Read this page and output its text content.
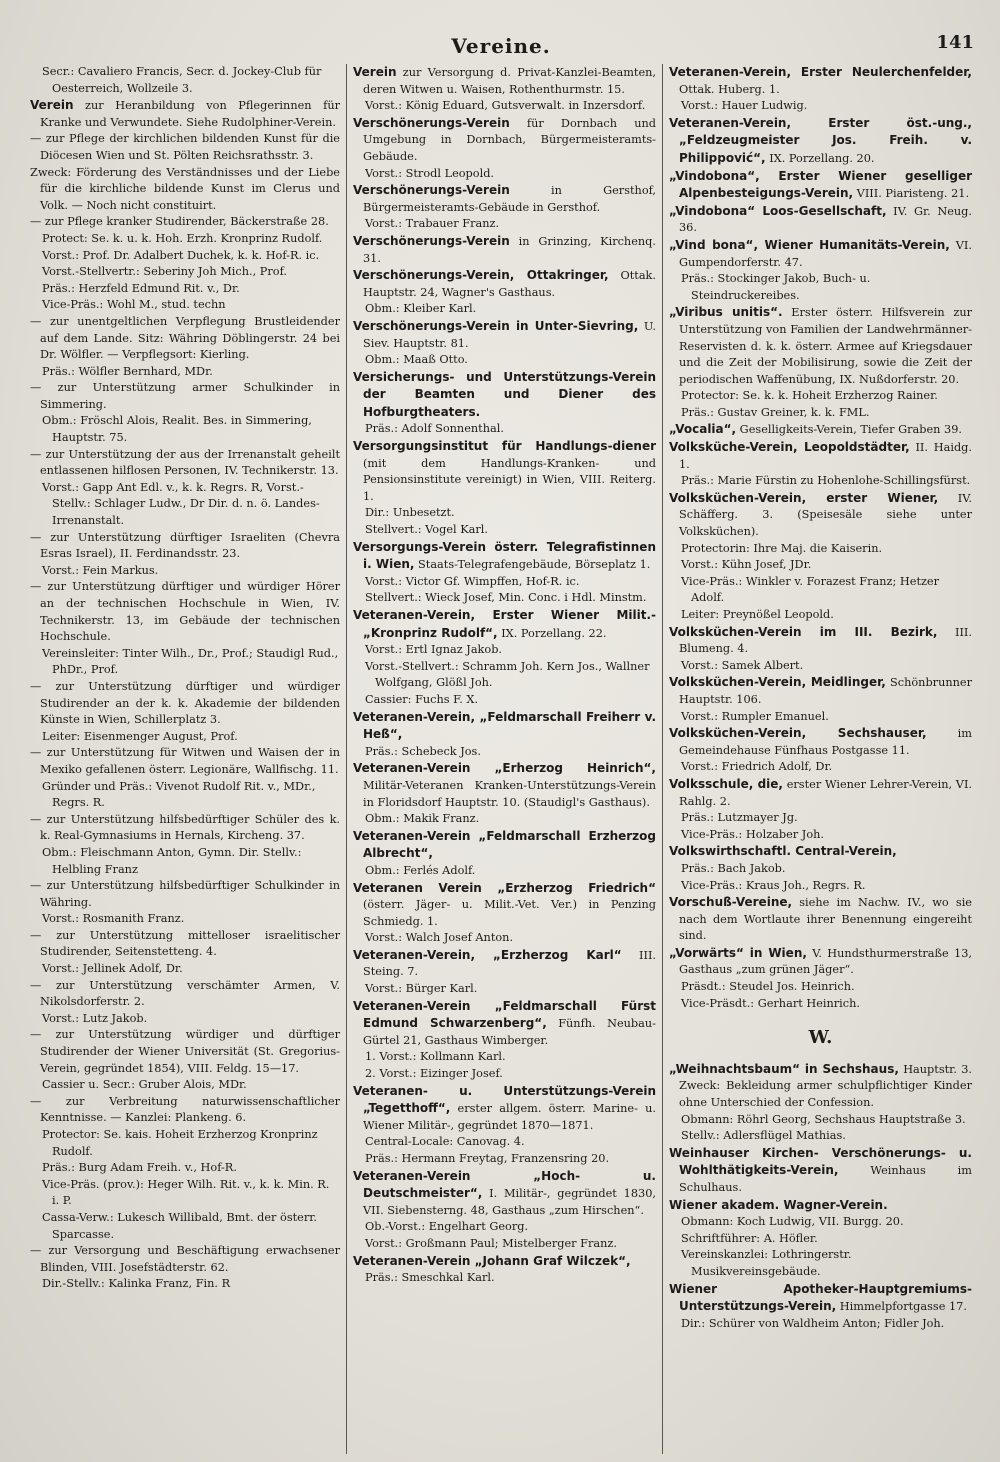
Vereine.	141

Secr.: Cavaliero Francis, Secr. d. Jockey-Club für Oesterreich, Wollzeile 3.

Verein zur Heranbildung von Pflegerinnen für Kranke und Verwundete. Siehe Rudolphiner-Verein.

— zur Pflege der kirchlichen bildenden Kunst für die Diöcesen Wien und St. Pölten Reichsrathsstr. 3.

Zweck: Förderung des Verständnisses und der Liebe für die kirchliche bildende Kunst im Clerus und Volk. — Noch nicht constituirt.

— zur Pflege kranker Studirender, Bäckerstraße 28.

Protect: Se. k. u. k. Hoh. Erzh. Kronprinz Rudolf.

Vorst.: Prof. Dr. Adalbert Duchek, k. k. Hof-R. ic.

Vorst.-Stellvertr.: Seberiny Joh Mich., Prof.

Präs.: Herzfeld Edmund Rit. v., Dr.

Vice-Präs.: Wohl M., stud. techn

— zur unentgeltlichen Verpflegung Brustleidender auf dem Lande. Sitz: Währing Döblingerstr. 24 bei Dr. Wölfler. — Verpflegsort: Kierling.

Präs.: Wölfler Bernhard, MDr.

— zur Unterstützung armer Schulkinder in Simmering.

Obm.: Fröschl Alois, Realit. Bes. in Simmering, Hauptstr. 75.

— zur Unterstützung der aus der Irrenanstalt geheilt entlassenen hilflosen Personen, IV. Technikerstr. 13.

Vorst.: Gapp Ant Edl. v., k. k. Regrs. R, Vorst.-Stellv.: Schlager Ludw., Dr Dir. d. n. ö. Landes-Irrenanstalt.

— zur Unterstützung dürftiger Israeliten (Chevra Esras Israel), II. Ferdinandsstr. 23.

Vorst.: Fein Markus.

— zur Unterstützung dürftiger und würdiger Hörer an der technischen Hochschule in Wien, IV. Technikerstr. 13, im Gebäude der technischen Hochschule.

Vereinsleiter: Tinter Wilh., Dr., Prof.; Staudigl Rud., PhDr., Prof.

— zur Unterstützung dürftiger und würdiger Studirender an der k. k. Akademie der bildenden Künste in Wien, Schillerplatz 3.

Leiter: Eisenmenger August, Prof.

— zur Unterstützung für Witwen und Waisen der in Mexiko gefallenen österr. Legionäre, Wallfischg. 11.

Gründer und Präs.: Vivenot Rudolf Rit. v., MDr., Regrs. R.

— zur Unterstützung hilfsbedürftiger Schüler des k. k. Real-Gymnasiums in Hernals, Kircheng. 37.

Obm.: Fleischmann Anton, Gymn. Dir. Stellv.: Helbling Franz

— zur Unterstützung hilfsbedürftiger Schulkinder in Währing.

Vorst.: Rosmanith Franz.

— zur Unterstützung mittelloser israelitischer Studirender, Seitenstetteng. 4.

Vorst.: Jellinek Adolf, Dr.

— zur Unterstützung verschämter Armen, V. Nikolsdorferstr. 2.

Vorst.: Lutz Jakob.

— zur Unterstützung würdiger und dürftiger Studirender der Wiener Universität (St. Gregorius-Verein, gegründet 1854), VIII. Feldg. 15—17.

Cassier u. Secr.: Gruber Alois, MDr.

— zur Verbreitung naturwissenschaftlicher Kenntnisse. — Kanzlei: Plankeng. 6.

Protector: Se. kais. Hoheit Erzherzog Kronprinz Rudolf.

Präs.: Burg Adam Freih. v., Hof-R.

Vice-Präs. (prov.): Heger Wilh. Rit. v., k. k. Min. R. i. P.

Cassa-Verw.: Lukesch Willibald, Bmt. der österr. Sparcasse.

— zur Versorgung und Beschäftigung erwachsener Blinden, VIII. Josefstädterstr. 62.

Dir.-Stellv.: Kalinka Franz, Fin. R

Verein zur Versorgung d. Privat-Kanzlei-Beamten, deren Witwen u. Waisen, Rothenthurmstr. 15.

Vorst.: König Eduard, Gutsverwalt. in Inzersdorf.

Verschönerungs-Verein für Dornbach und Umgebung in Dornbach, Bürgermeisteramts-Gebäude.

Vorst.: Strodl Leopold.

Verschönerungs-Verein in Gersthof, Bürgermeisteramts-Gebäude in Gersthof.

Vorst.: Trabauer Franz.

Verschönerungs-Verein in Grinzing, Kirchenq. 31.

Verschönerungs-Verein, Ottakringer, Ottak. Hauptstr. 24, Wagner's Gasthaus.

Obm.: Kleiber Karl.

Verschönerungs-Verein in Unter-Sievring, U. Siev. Hauptstr. 81.

Obm.: Maaß Otto.

Versicherungs- und Unterstützungs-Verein der Beamten und Diener des Hofburgtheaters.

Präs.: Adolf Sonnenthal.

Versorgungsinstitut für Handlungs-diener (mit dem Handlungs-Kranken- und Pensionsinstitute vereinigt) in Wien, VIII. Reiterg. 1.

Dir.: Unbesetzt.

Stellvert.: Vogel Karl.

Versorgungs-Verein österr. Telegrafistinnen i. Wien, Staats-Telegrafengebäude, Börseplatz 1.

Vorst.: Victor Gf. Wimpffen, Hof-R. ic.

Stellvert.: Wieck Josef, Min. Conc. i Hdl. Minstm.

Veteranen-Verein, Erster Wiener Milit.- „Kronprinz Rudolf“, IX. Porzellang. 22.

Vorst.: Ertl Ignaz Jakob.

Vorst.-Stellvert.: Schramm Joh. Kern Jos., Wallner Wolfgang, Glößl Joh.

Cassier: Fuchs F. X.

Veteranen-Verein, „Feldmarschall Freiherr v. Heß“,

Präs.: Schebeck Jos.

Veteranen-Verein „Erherzog Heinrich“, Militär-Veteranen Kranken-Unterstützungs-Verein in Floridsdorf Hauptstr. 10. (Staudigl's Gasthaus).

Obm.: Makik Franz.

Veteranen-Verein „Feldmarschall Erzherzog Albrecht“,

Obm.: Ferlés Adolf.

Veteranen Verein „Erzherzog Friedrich“ (österr. Jäger- u. Milit.-Vet. Ver.) in Penzing Schmiedg. 1.

Vorst.: Walch Josef Anton.

Veteranen-Verein, „Erzherzog Karl“ III. Steing. 7.

Vorst.: Bürger Karl.

Veteranen-Verein „Feldmarschall Fürst Edmund Schwarzenberg“, Fünfh. Neubau-Gürtel 21, Gasthaus Wimberger.

1. Vorst.: Kollmann Karl.

2. Vorst.: Eizinger Josef.

Veteranen- u. Unterstützungs-Verein „Tegetthoff“, erster allgem. österr. Marine- u. Wiener Militär-, gegründet 1870—1871.

Central-Locale: Canovag. 4.

Präs.: Hermann Freytag, Franzensring 20.

Veteranen-Verein „Hoch- u. Deutschmeister“, I. Militär-, gegründet 1830, VII. Siebensterng. 48, Gasthaus „zum Hirschen“.

Ob.-Vorst.: Engelhart Georg.

Vorst.: Großmann Paul; Mistelberger Franz.

Veteranen-Verein „Johann Graf Wilczek“,

Präs.: Smeschkal Karl.

Veteranen-Verein, Erster Neulerchenfelder, Ottak. Huberg. 1.

Vorst.: Hauer Ludwig.

Veteranen-Verein, Erster öst.-ung., „Feldzeugmeister Jos. Freih. v. Philippović“, IX. Porzellang. 20.

„Vindobona“, Erster Wiener geselliger Alpenbesteigungs-Verein, VIII. Piaristeng. 21.

„Vindobona“ Loos-Gesellschaft, IV. Gr. Neug. 36.

„Vind bona“, Wiener Humanitäts-Verein, VI. Gumpendorferstr. 47.

Präs.: Stockinger Jakob, Buch- u. Steindruckereibes.

„Viribus unitis“. Erster österr. Hilfsverein zur Unterstützung von Familien der Landwehrmänner-Reservisten d. k. k. österr. Armee auf Kriegsdauer und die Zeit der Mobilisirung, sowie die Zeit der periodischen Waffenübung, IX. Nußdorferstr. 20.

Protector: Se. k. k. Hoheit Erzherzog Rainer.

Präs.: Gustav Greiner, k. k. FML.

„Vocalia“, Geselligkeits-Verein, Tiefer Graben 39.

Volksküche-Verein, Leopoldstädter, II. Haidg. 1.

Präs.: Marie Fürstin zu Hohenlohe-Schillingsfürst.

Volksküchen-Verein, erster Wiener, IV. Schäfferg. 3. (Speisesäle siehe unter Volksküchen).

Protectorin: Ihre Maj. die Kaiserin.

Vorst.: Kühn Josef, JDr.

Vice-Präs.: Winkler v. Forazest Franz; Hetzer Adolf.

Leiter: Preynößel Leopold.

Volksküchen-Verein im III. Bezirk, III. Blumeng. 4.

Vorst.: Samek Albert.

Volksküchen-Verein, Meidlinger, Schönbrunner Hauptstr. 106.

Vorst.: Rumpler Emanuel.

Volksküchen-Verein, Sechshauser, im Gemeindehause Fünfhaus Postgasse 11.

Vorst.: Friedrich Adolf, Dr.

Volksschule, die, erster Wiener Lehrer-Verein, VI. Rahlg. 2.

Präs.: Lutzmayer Jg.

Vice-Präs.: Holzaber Joh.

Volkswirthschaftl. Central-Verein,

Präs.: Bach Jakob.

Vice-Präs.: Kraus Joh., Regrs. R.

Vorschuß-Vereine, siehe im Nachw. IV., wo sie nach dem Wortlaute ihrer Benennung eingereiht sind.

„Vorwärts“ in Wien, V. Hundsthurmerstraße 13, Gasthaus „zum grünen Jäger“.

Präsdt.: Steudel Jos. Heinrich.

Vice-Präsdt.: Gerhart Heinrich.

W.

„Weihnachtsbaum“ in Sechshaus, Hauptstr. 3. Zweck: Bekleidung armer schulpflichtiger Kinder ohne Unterschied der Confession.

Obmann: Röhrl Georg, Sechshaus Hauptstraße 3.

Stellv.: Adlersflügel Mathias.

Weinhauser Kirchen- Verschönerungs- u. Wohlthätigkeits-Verein, Weinhaus im Schulhaus.

Wiener akadem. Wagner-Verein.

Obmann: Koch Ludwig, VII. Burgg. 20.

Schriftführer: A. Höfler.

Vereinskanzlei: Lothringerstr. Musikvereinsgebäude.

Wiener Apotheker-Hauptgremiums-Unterstützungs-Verein, Himmelpfortgasse 17.

Dir.: Schürer von Waldheim Anton; Fidler Joh.
